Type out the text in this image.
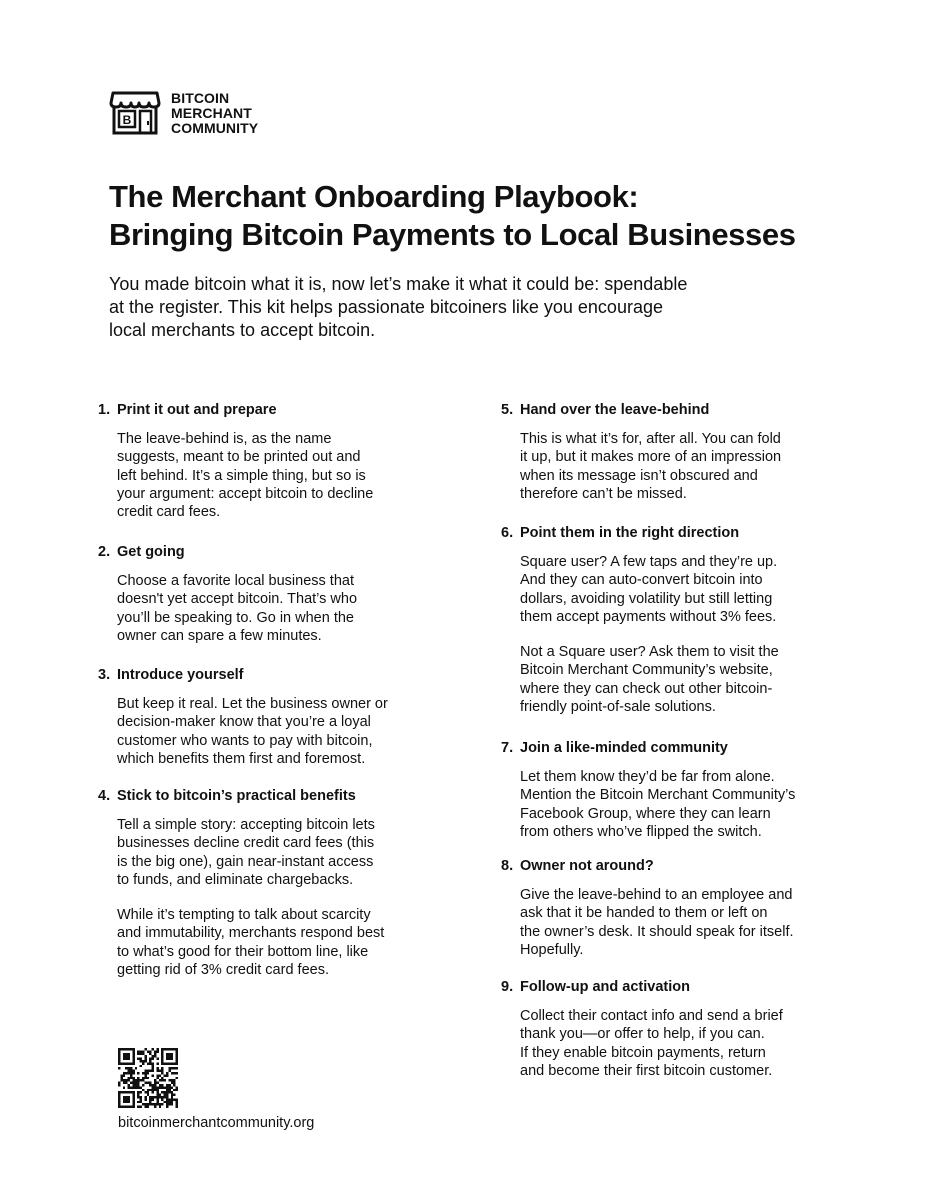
B
BITCOIN
MERCHANT
COMMUNITY
The Merchant Onboarding Playbook:
Bringing Bitcoin Payments to Local Businesses

You made bitcoin what it is, now let’s make it what it could be: spendable
at the register. This kit helps passionate bitcoiners like you encourage
local merchants to accept bitcoin.

1. Print it out and prepare
The leave-behind is, as the name
suggests, meant to be printed out and
left behind. It’s a simple thing, but so is
your argument: accept bitcoin to decline
credit card fees.
2. Get going
Choose a favorite local business that
doesn't yet accept bitcoin. That’s who
you’ll be speaking to. Go in when the
owner can spare a few minutes.
3. Introduce yourself
But keep it real. Let the business owner or
decision-maker know that you’re a loyal
customer who wants to pay with bitcoin,
which benefits them first and foremost.
4. Stick to bitcoin’s practical benefits
Tell a simple story: accepting bitcoin lets
businesses decline credit card fees (this
is the big one), gain near-instant access
to funds, and eliminate chargebacks.
While it’s tempting to talk about scarcity
and immutability, merchants respond best
to what’s good for their bottom line, like
getting rid of 3% credit card fees.
5. Hand over the leave-behind
This is what it’s for, after all. You can fold
it up, but it makes more of an impression
when its message isn’t obscured and
therefore can’t be missed.
6. Point them in the right direction
Square user? A few taps and they’re up.
And they can auto-convert bitcoin into
dollars, avoiding volatility but still letting
them accept payments without 3% fees.
Not a Square user? Ask them to visit the
Bitcoin Merchant Community’s website,
where they can check out other bitcoin-
friendly point-of-sale solutions.
7. Join a like-minded community
Let them know they’d be far from alone.
Mention the Bitcoin Merchant Community’s
Facebook Group, where they can learn
from others who’ve flipped the switch.
8. Owner not around?
Give the leave-behind to an employee and
ask that it be handed to them or left on
the owner’s desk. It should speak for itself.
Hopefully.
9. Follow-up and activation
Collect their contact info and send a brief
thank you—or offer to help, if you can.
If they enable bitcoin payments, return
and become their first bitcoin customer.
bitcoinmerchantcommunity.org
